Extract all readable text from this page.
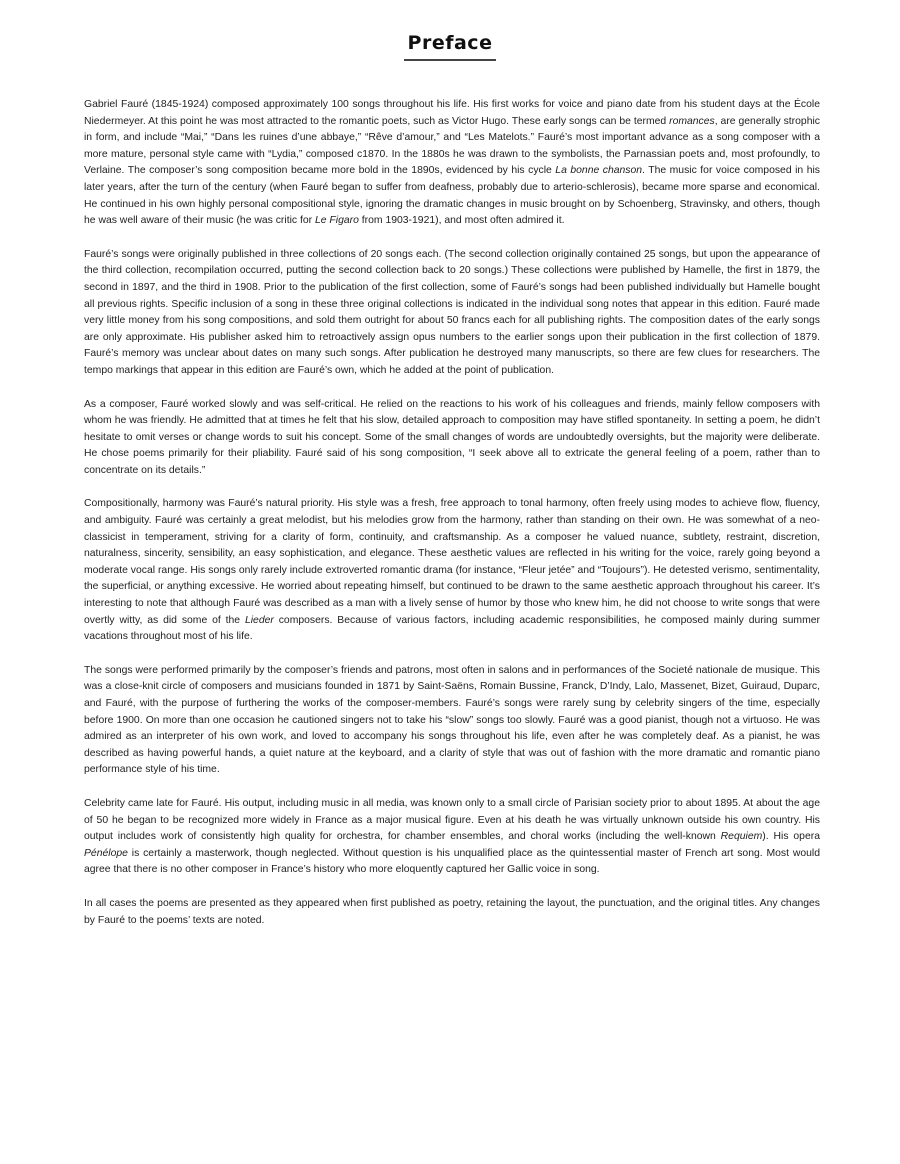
Preface

Gabriel Fauré (1845-1924) composed approximately 100 songs throughout his life. His first works for voice and piano date from his student days at the École Niedermeyer. At this point he was most attracted to the romantic poets, such as Victor Hugo. These early songs can be termed romances, are generally strophic in form, and include “Mai,” “Dans les ruines d’une abbaye,” “Rêve d’amour,” and “Les Matelots.” Fauré’s most important advance as a song composer with a more mature, personal style came with “Lydia,” composed c1870. In the 1880s he was drawn to the symbolists, the Parnassian poets and, most profoundly, to Verlaine. The composer’s song composition became more bold in the 1890s, evidenced by his cycle La bonne chanson. The music for voice composed in his later years, after the turn of the century (when Fauré began to suffer from deafness, probably due to arterio-schlerosis), became more sparse and economical. He continued in his own highly personal compositional style, ignoring the dramatic changes in music brought on by Schoenberg, Stravinsky, and others, though he was well aware of their music (he was critic for Le Figaro from 1903-1921), and most often admired it.

Fauré’s songs were originally published in three collections of 20 songs each. (The second collection originally contained 25 songs, but upon the appearance of the third collection, recompilation occurred, putting the second collection back to 20 songs.) These collections were published by Hamelle, the first in 1879, the second in 1897, and the third in 1908. Prior to the publication of the first collection, some of Fauré’s songs had been published individually but Hamelle bought all previous rights. Specific inclusion of a song in these three original collections is indicated in the individual song notes that appear in this edition. Fauré made very little money from his song compositions, and sold them outright for about 50 francs each for all publishing rights. The composition dates of the early songs are only approximate. His publisher asked him to retroactively assign opus numbers to the earlier songs upon their publication in the first collection of 1879. Fauré’s memory was unclear about dates on many such songs. After publication he destroyed many manuscripts, so there are few clues for researchers. The tempo markings that appear in this edition are Fauré’s own, which he added at the point of publication.

As a composer, Fauré worked slowly and was self-critical. He relied on the reactions to his work of his colleagues and friends, mainly fellow composers with whom he was friendly. He admitted that at times he felt that his slow, detailed approach to composition may have stifled spontaneity. In setting a poem, he didn’t hesitate to omit verses or change words to suit his concept. Some of the small changes of words are undoubtedly oversights, but the majority were deliberate. He chose poems primarily for their pliability. Fauré said of his song composition, “I seek above all to extricate the general feeling of a poem, rather than to concentrate on its details.”

Compositionally, harmony was Fauré’s natural priority. His style was a fresh, free approach to tonal harmony, often freely using modes to achieve flow, fluency, and ambiguity. Fauré was certainly a great melodist, but his melodies grow from the harmony, rather than standing on their own. He was somewhat of a neo-classicist in temperament, striving for a clarity of form, continuity, and craftsmanship. As a composer he valued nuance, subtlety, restraint, discretion, naturalness, sincerity, sensibility, an easy sophistication, and elegance. These aesthetic values are reflected in his writing for the voice, rarely going beyond a moderate vocal range. His songs only rarely include extroverted romantic drama (for instance, “Fleur jetée” and “Toujours”). He detested verismo, sentimentality, the superficial, or anything excessive. He worried about repeating himself, but continued to be drawn to the same aesthetic approach throughout his career. It’s interesting to note that although Fauré was described as a man with a lively sense of humor by those who knew him, he did not choose to write songs that were overtly witty, as did some of the Lieder composers. Because of various factors, including academic responsibilities, he composed mainly during summer vacations throughout most of his life.

The songs were performed primarily by the composer’s friends and patrons, most often in salons and in performances of the Societé nationale de musique. This was a close-knit circle of composers and musicians founded in 1871 by Saint-Saëns, Romain Bussine, Franck, D’Indy, Lalo, Massenet, Bizet, Guiraud, Duparc, and Fauré, with the purpose of furthering the works of the composer-members. Fauré’s songs were rarely sung by celebrity singers of the time, especially before 1900. On more than one occasion he cautioned singers not to take his “slow” songs too slowly. Fauré was a good pianist, though not a virtuoso. He was admired as an interpreter of his own work, and loved to accompany his songs throughout his life, even after he was completely deaf. As a pianist, he was described as having powerful hands, a quiet nature at the keyboard, and a clarity of style that was out of fashion with the more dramatic and romantic piano performance style of his time.

Celebrity came late for Fauré. His output, including music in all media, was known only to a small circle of Parisian society prior to about 1895. At about the age of 50 he began to be recognized more widely in France as a major musical figure. Even at his death he was virtually unknown outside his own country. His output includes work of consistently high quality for orchestra, for chamber ensembles, and choral works (including the well-known Requiem). His opera Pénélope is certainly a masterwork, though neglected. Without question is his unqualified place as the quintessential master of French art song. Most would agree that there is no other composer in France’s history who more eloquently captured her Gallic voice in song.

In all cases the poems are presented as they appeared when first published as poetry, retaining the layout, the punctuation, and the original titles. Any changes by Fauré to the poems’ texts are noted.
